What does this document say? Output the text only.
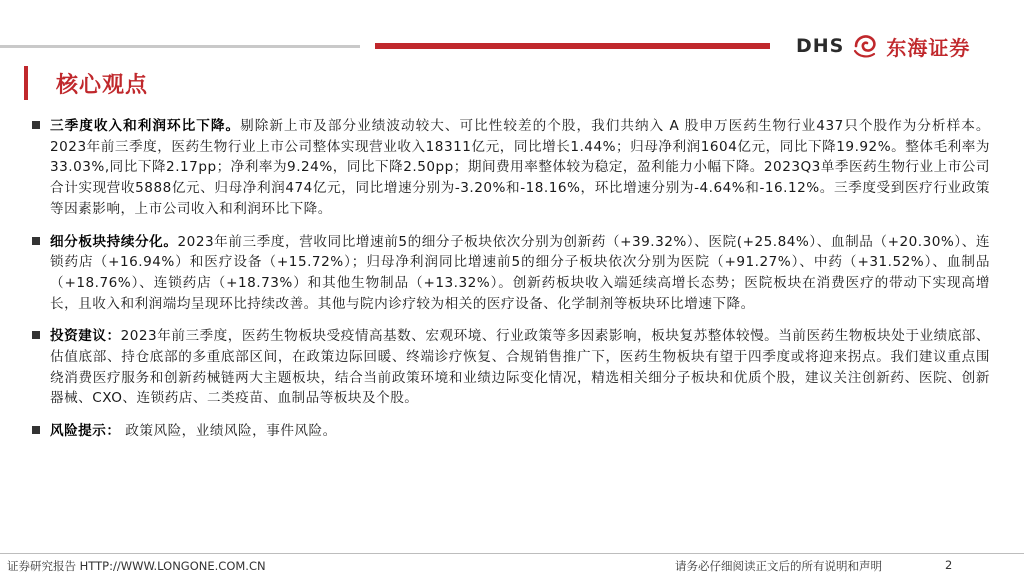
DHS 东海证券
核心观点

三季度收入和利润环比下降。剔除新上市及部分业绩波动较大、可比性较差的个股，我们共纳入 A 股申万医药生物行业437只个股作为分析样本。2023年前三季度，医药生物行业上市公司整体实现营业收入18311亿元，同比增长1.44%；归母净利润1604亿元，同比下降19.92%。整体毛利率为33.03%,同比下降2.17pp；净利率为9.24%，同比下降2.50pp；期间费用率整体较为稳定，盈利能力小幅下降。2023Q3单季医药生物行业上市公司合计实现营收5888亿元、归母净利润474亿元，同比增速分别为-3.20%和-18.16%，环比增速分别为-4.64%和-16.12%。三季度受到医疗行业政策等因素影响，上市公司收入和利润环比下降。

细分板块持续分化。2023年前三季度，营收同比增速前5的细分子板块依次分别为创新药（+39.32%）、医院(+25.84%）、血制品（+20.30%）、连锁药店（+16.94%）和医疗设备（+15.72%）；归母净利润同比增速前5的细分子板块依次分别为医院（+91.27%）、中药（+31.52%）、血制品（+18.76%）、连锁药店（+18.73%）和其他生物制品（+13.32%）。创新药板块收入端延续高增长态势；医院板块在消费医疗的带动下实现高增长，且收入和利润端均呈现环比持续改善。其他与院内诊疗较为相关的医疗设备、化学制剂等板块环比增速下降。

投资建议：2023年前三季度，医药生物板块受疫情高基数、宏观环境、行业政策等多因素影响，板块复苏整体较慢。当前医药生物板块处于业绩底部、估值底部、持仓底部的多重底部区间，在政策边际回暖、终端诊疗恢复、合规销售推广下，医药生物板块有望于四季度或将迎来拐点。我们建议重点围绕消费医疗服务和创新药械链两大主题板块，结合当前政策环境和业绩边际变化情况，精选相关细分子板块和优质个股，建议关注创新药、医院、创新器械、CXO、连锁药店、二类疫苗、血制品等板块及个股。

风险提示： 政策风险，业绩风险，事件风险。

证券研究报告 HTTP://WWW.LONGONE.COM.CN	请务必仔细阅读正文后的所有说明和声明	2
